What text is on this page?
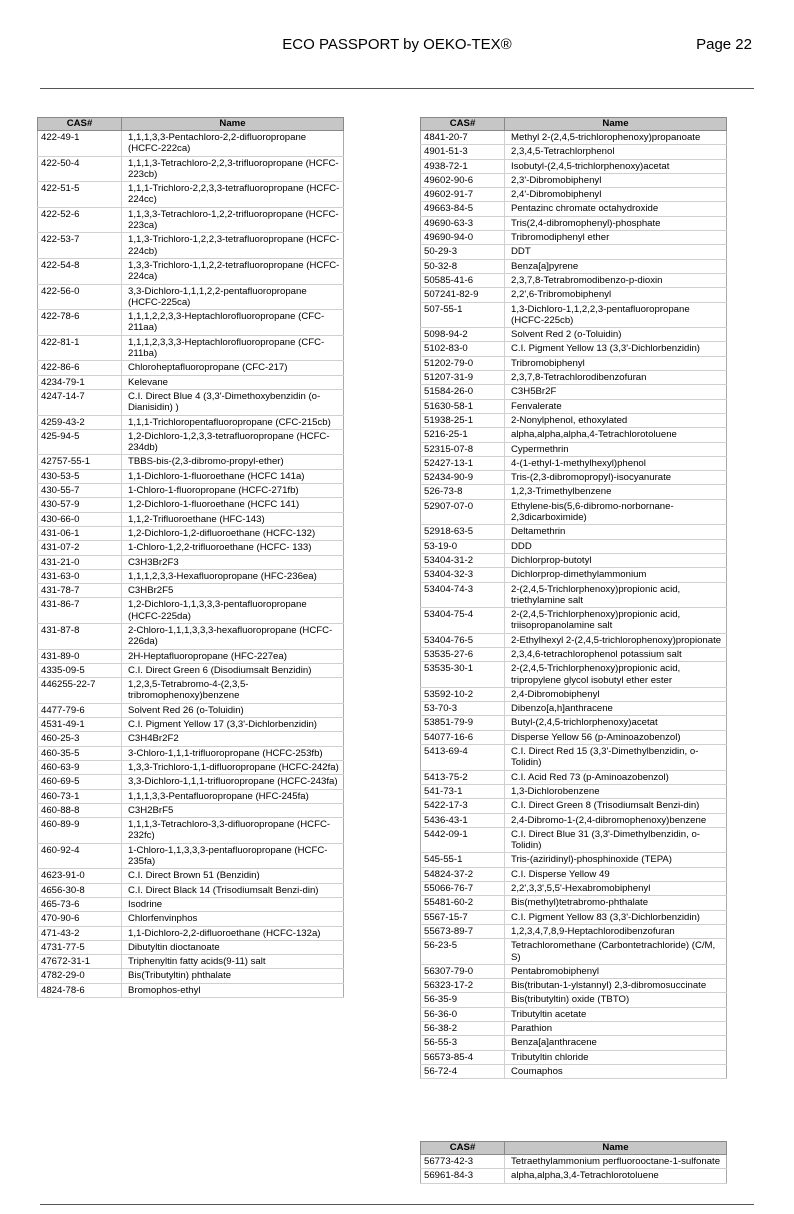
ECO PASSPORT by OEKO-TEX®	Page 22
CAS#	Name
422-49-1	1,1,1,3,3-Pentachloro-2,2-difluoropropane (HCFC-222ca)
422-50-4	1,1,1,3-Tetrachloro-2,2,3-trifluoropropane (HCFC-223cb)
422-51-5	1,1,1-Trichloro-2,2,3,3-tetrafluoropropane (HCFC-224cc)
422-52-6	1,1,3,3-Tetrachloro-1,2,2-trifluoropropane (HCFC-223ca)
422-53-7	1,1,3-Trichloro-1,2,2,3-tetrafluoropropane (HCFC-224cb)
422-54-8	1,3,3-Trichloro-1,1,2,2-tetrafluoropropane (HCFC-224ca)
422-56-0	3,3-Dichloro-1,1,1,2,2-pentafluoropropane (HCFC-225ca)
422-78-6	1,1,1,2,2,3,3-Heptachlorofluoropropane (CFC-211aa)
422-81-1	1,1,1,2,3,3,3-Heptachlorofluoropropane (CFC-211ba)
422-86-6	Chloroheptafluoropropane (CFC-217)
4234-79-1	Kelevane
4247-14-7	C.I. Direct Blue 4 (3,3'-Dimethoxybenzidin (o-Dianisidin) )
4259-43-2	1,1,1-Trichloropentafluoropropane (CFC-215cb)
425-94-5	1,2-Dichloro-1,2,3,3-tetrafluoropropane (HCFC-234db)
42757-55-1	TBBS-bis-(2,3-dibromo-propyl-ether)
430-53-5	1,1-Dichloro-1-fluoroethane (HCFC 141a)
430-55-7	1-Chloro-1-fluoropropane (HCFC-271fb)
430-57-9	1,2-Dichloro-1-fluoroethane (HCFC 141)
430-66-0	1,1,2-Trifluoroethane (HFC-143)
431-06-1	1,2-Dichloro-1,2-difluoroethane (HCFC-132)
431-07-2	1-Chloro-1,2,2-trifluoroethane (HCFC- 133)
431-21-0	C3H3Br2F3
431-63-0	1,1,1,2,3,3-Hexafluoropropane (HFC-236ea)
431-78-7	C3HBr2F5
431-86-7	1,2-Dichloro-1,1,3,3,3-pentafluoropropane (HCFC-225da)
431-87-8	2-Chloro-1,1,1,3,3,3-hexafluoropropane (HCFC-226da)
431-89-0	2H-Heptafluoropropane (HFC-227ea)
4335-09-5	C.I. Direct Green 6 (Disodiumsalt Benzidin)
446255-22-7	1,2,3,5-Tetrabromo-4-(2,3,5-tribromophenoxy)benzene
4477-79-6	Solvent Red 26 (o-Toluidin)
4531-49-1	C.I. Pigment Yellow 17 (3,3'-Dichlorbenzidin)
460-25-3	C3H4Br2F2
460-35-5	3-Chloro-1,1,1-trifluoropropane (HCFC-253fb)
460-63-9	1,3,3-Trichloro-1,1-difluoropropane (HCFC-242fa)
460-69-5	3,3-Dichloro-1,1,1-trifluoropropane (HCFC-243fa)
460-73-1	1,1,1,3,3-Pentafluoropropane (HFC-245fa)
460-88-8	C3H2BrF5
460-89-9	1,1,1,3-Tetrachloro-3,3-difluoropropane (HCFC-232fc)
460-92-4	1-Chloro-1,1,3,3,3-pentafluoropropane (HCFC-235fa)
4623-91-0	C.I. Direct Brown 51 (Benzidin)
4656-30-8	C.I. Direct Black 14 (Trisodiumsalt Benzi-din)
465-73-6	Isodrine
470-90-6	Chlorfenvinphos
471-43-2	1,1-Dichloro-2,2-difluoroethane (HCFC-132a)
4731-77-5	Dibutyltin dioctanoate
47672-31-1	Triphenyltin fatty acids(9-11) salt
4782-29-0	Bis(Tributyltin) phthalate
4824-78-6	Bromophos-ethyl
CAS#	Name
4841-20-7	Methyl 2-(2,4,5-trichlorophenoxy)propanoate
4901-51-3	2,3,4,5-Tetrachlorphenol
4938-72-1	Isobutyl-(2,4,5-trichlorphenoxy)acetat
49602-90-6	2,3'-Dibromobiphenyl
49602-91-7	2,4'-Dibromobiphenyl
49663-84-5	Pentazinc chromate octahydroxide
49690-63-3	Tris(2,4-dibromophenyl)-phosphate
49690-94-0	Tribromodiphenyl ether
50-29-3	DDT
50-32-8	Benza[a]pyrene
50585-41-6	2,3,7,8-Tetrabromodibenzo-p-dioxin
507241-82-9	2,2',6-Tribromobiphenyl
507-55-1	1,3-Dichloro-1,1,2,2,3-pentafluoropropane (HCFC-225cb)
5098-94-2	Solvent Red 2 (o-Toluidin)
5102-83-0	C.I. Pigment Yellow 13 (3,3'-Dichlorbenzidin)
51202-79-0	Tribromobiphenyl
51207-31-9	2,3,7,8-Tetrachlorodibenzofuran
51584-26-0	C3H5Br2F
51630-58-1	Fenvalerate
51938-25-1	2-Nonylphenol, ethoxylated
5216-25-1	alpha,alpha,alpha,4-Tetrachlorotoluene
52315-07-8	Cypermethrin
52427-13-1	4-(1-ethyl-1-methylhexyl)phenol
52434-90-9	Tris-(2,3-dibromopropyl)-isocyanurate
526-73-8	1,2,3-Trimethylbenzene
52907-07-0	Ethylene-bis(5,6-dibromo-norbornane-2,3dicarboximide)
52918-63-5	Deltamethrin
53-19-0	DDD
53404-31-2	Dichlorprop-butotyl
53404-32-3	Dichlorprop-dimethylammonium
53404-74-3	2-(2,4,5-Trichlorphenoxy)propionic acid, triethylamine salt
53404-75-4	2-(2,4,5-Trichlorphenoxy)propionic acid, triisopropanolamine salt
53404-76-5	2-Ethylhexyl 2-(2,4,5-trichlorophenoxy)propionate
53535-27-6	2,3,4,6-tetrachlorophenol potassium salt
53535-30-1	2-(2,4,5-Trichlorphenoxy)propionic acid, tripropylene glycol isobutyl ether ester
53592-10-2	2,4-Dibromobiphenyl
53-70-3	Dibenzo[a,h]anthracene
53851-79-9	Butyl-(2,4,5-trichlorphenoxy)acetat
54077-16-6	Disperse Yellow 56 (p-Aminoazobenzol)
5413-69-4	C.I. Direct Red 15 (3,3'-Dimethylbenzidin, o-Tolidin)
5413-75-2	C.I. Acid Red 73 (p-Aminoazobenzol)
541-73-1	1,3-Dichlorobenzene
5422-17-3	C.I. Direct Green 8 (Trisodiumsalt Benzi-din)
5436-43-1	2,4-Dibromo-1-(2,4-dibromophenoxy)benzene
5442-09-1	C.I. Direct Blue 31 (3,3'-Dimethylbenzidin, o-Tolidin)
545-55-1	Tris-(aziridinyl)-phosphinoxide (TEPA)
54824-37-2	C.I. Disperse Yellow 49
55066-76-7	2,2',3,3',5,5'-Hexabromobiphenyl
55481-60-2	Bis(methyl)tetrabromo-phthalate
5567-15-7	C.I. Pigment Yellow 83 (3,3'-Dichlorbenzidin)
55673-89-7	1,2,3,4,7,8,9-Heptachlorodibenzofuran
56-23-5	Tetrachloromethane (Carbontetrachloride) (C/M, S)
56307-79-0	Pentabromobiphenyl
56323-17-2	Bis(tributan-1-ylstannyl) 2,3-dibromosuccinate
56-35-9	Bis(tributyltin) oxide (TBTO)
56-36-0	Tributyltin acetate
56-38-2	Parathion
56-55-3	Benza[a]anthracene
56573-85-4	Tributyltin chloride
56-72-4	Coumaphos
CAS#	Name
56773-42-3	Tetraethylammonium perfluorooctane-1-sulfonate
56961-84-3	alpha,alpha,3,4-Tetrachlorotoluene
